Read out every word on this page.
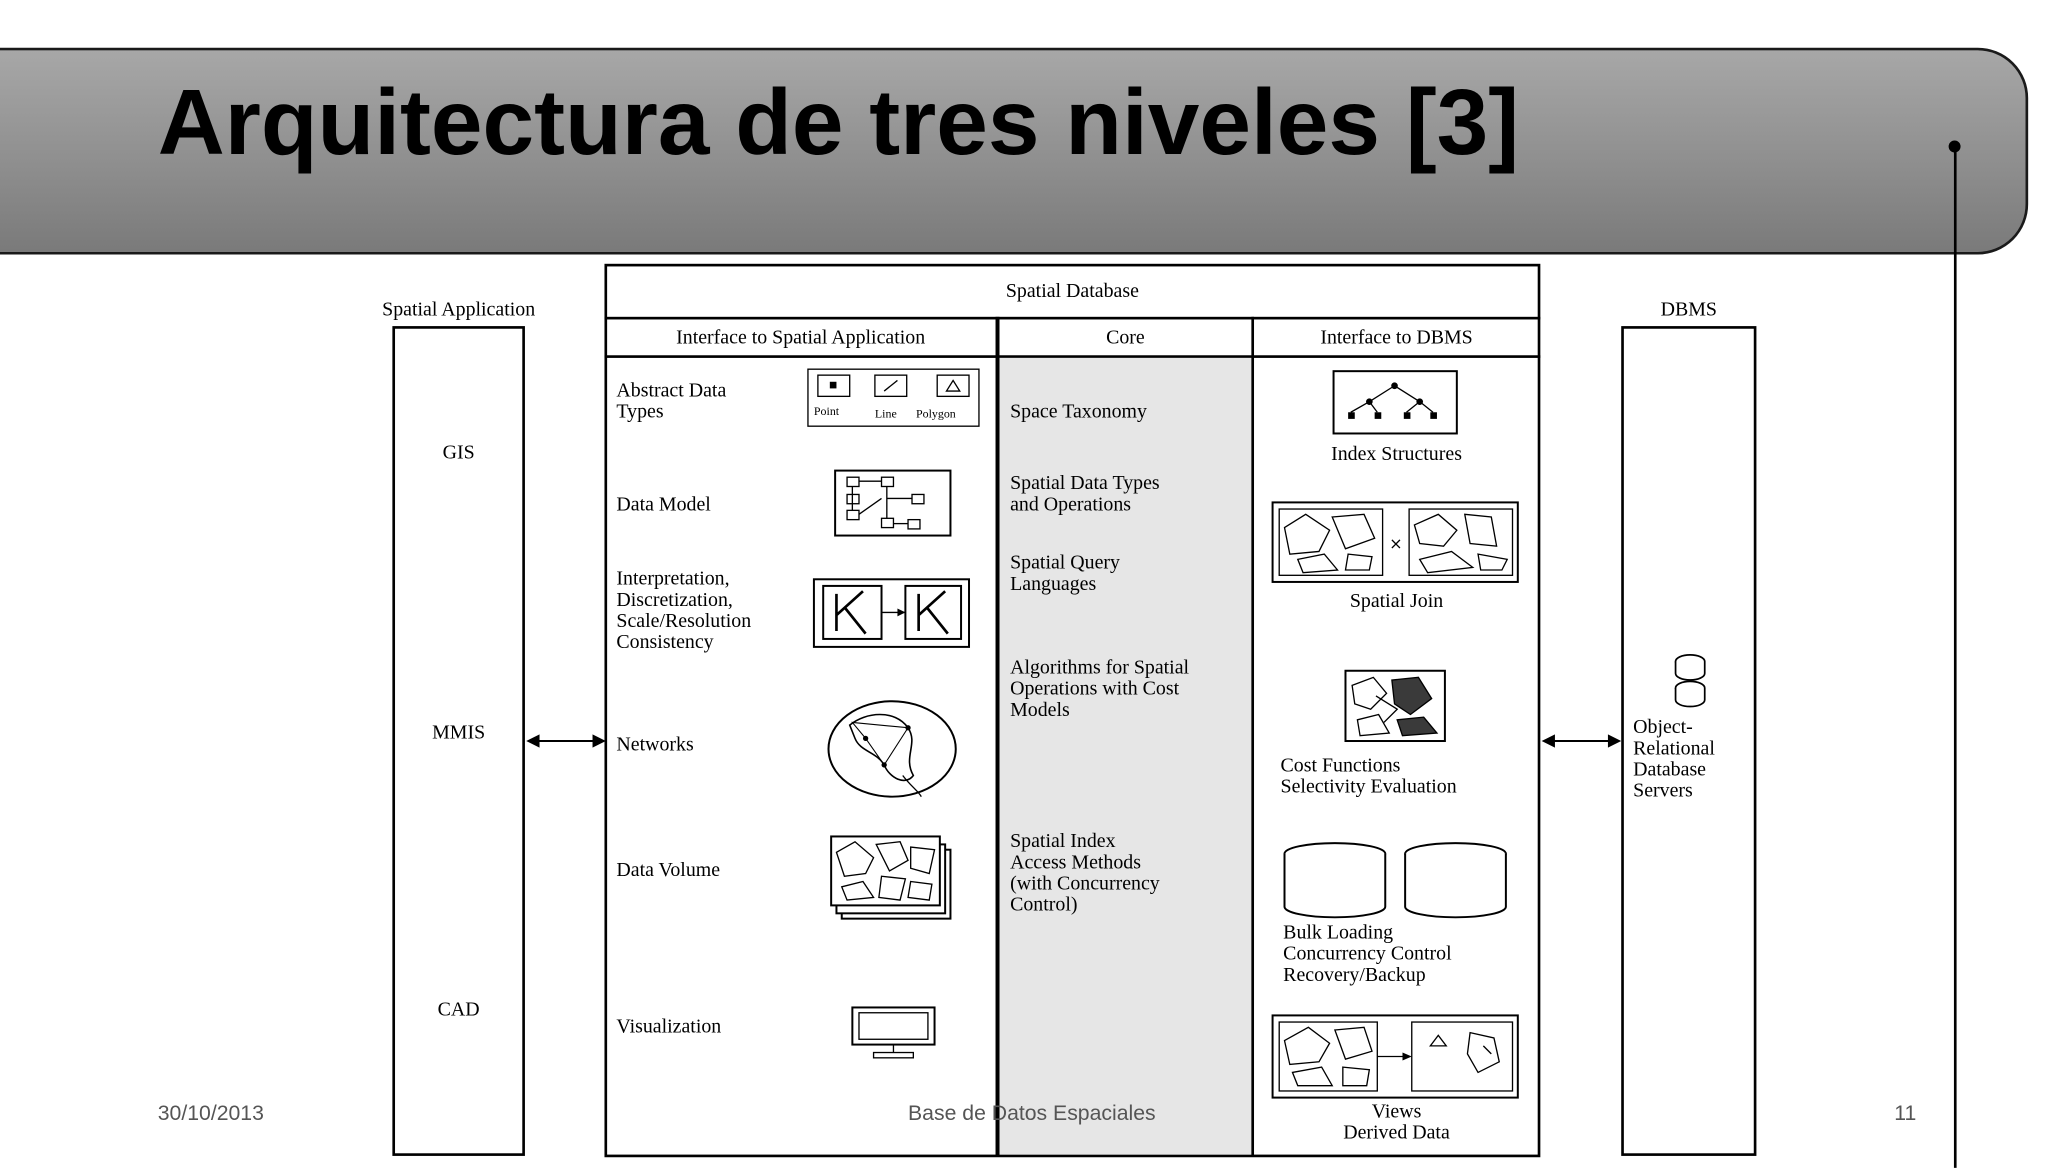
Arquitectura de tres niveles [3]
Spatial Application
GIS
MMIS
CAD
Spatial Database
Interface to Spatial Application	Core	Interface to DBMS
Abstract Data
Types
Data Model
Interpretation,
Discretization,
Scale/Resolution
Consistency
Networks
Data Volume
Visualization
Point	Line Polygon	Space Taxonomy
Spatial Data Types
and Operations
Spatial Query
Languages
Algorithms for Spatial
Operations with Cost
Models
Spatial Index
Access Methods
(with Concurrency
Control)
Index Structures
×
Spatial Join
Cost Functions
Selectivity Evaluation
Bulk Loading
Concurrency Control
Recovery/Backup
Views
Derived Data
DBMS
Object-
Relational
Database
Servers
30/10/2013	Base de Datos Espaciales	11
